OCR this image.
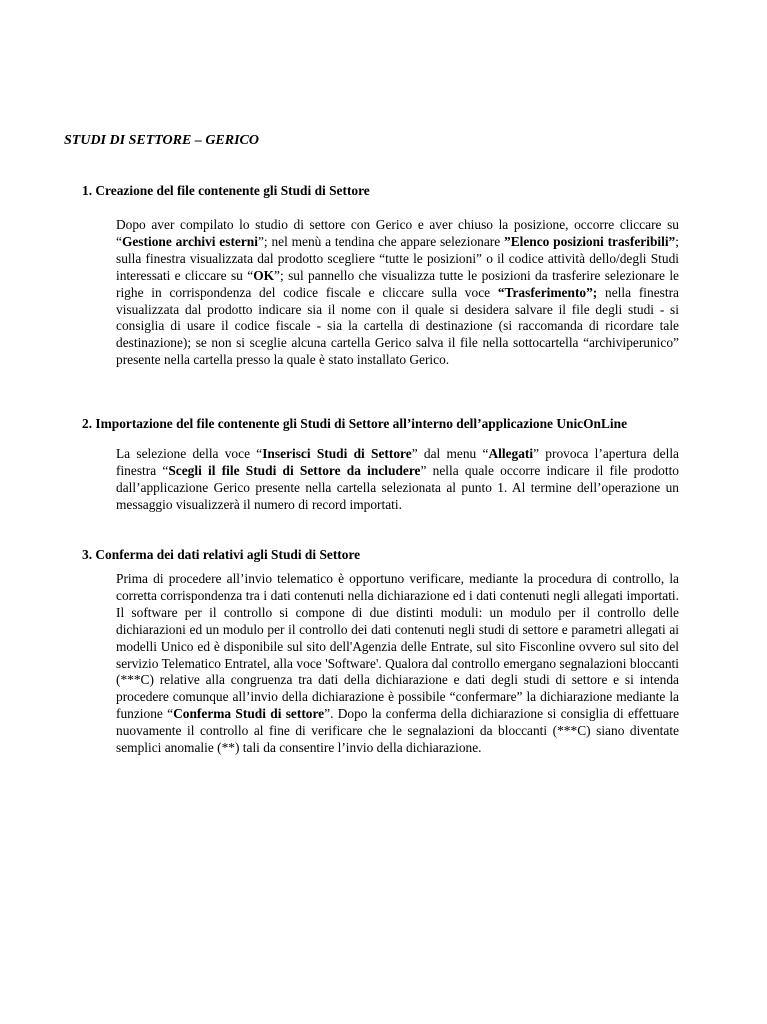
STUDI DI SETTORE – GERICO
1. Creazione del file contenente gli Studi di Settore

Dopo aver compilato lo studio di settore con Gerico e aver chiuso la posizione, occorre cliccare su “Gestione archivi esterni”; nel menù a tendina che appare selezionare ”Elenco posizioni trasferibili”; sulla finestra visualizzata dal prodotto scegliere “tutte le posizioni” o il codice attività dello/degli Studi interessati e cliccare su “OK”; sul pannello che visualizza tutte le posizioni da trasferire selezionare le righe in corrispondenza del codice fiscale e cliccare sulla voce “Trasferimento”; nella finestra visualizzata dal prodotto indicare sia il nome con il quale si desidera salvare il file degli studi - si consiglia di usare il codice fiscale - sia la cartella di destinazione (si raccomanda di ricordare tale destinazione); se non si sceglie alcuna cartella Gerico salva il file nella sottocartella “archiviperunico” presente nella cartella presso la quale è stato installato Gerico.

2. Importazione del file contenente gli Studi di Settore all’interno dell’applicazione UnicOnLine

La selezione della voce “Inserisci Studi di Settore” dal menu “Allegati” provoca l’apertura della finestra “Scegli il file Studi di Settore da includere” nella quale occorre indicare il file prodotto dall’applicazione Gerico presente nella cartella selezionata al punto 1. Al termine dell’operazione un messaggio visualizzerà il numero di record importati.

3. Conferma dei dati relativi agli Studi di Settore

Prima di procedere all’invio telematico è opportuno verificare, mediante la procedura di controllo, la corretta corrispondenza tra i dati contenuti nella dichiarazione ed i dati contenuti negli allegati importati. Il software per il controllo si compone di due distinti moduli: un modulo per il controllo delle dichiarazioni ed un modulo per il controllo dei dati contenuti negli studi di settore e parametri allegati ai modelli Unico ed è disponibile sul sito dell'Agenzia delle Entrate, sul sito Fisconline ovvero sul sito del servizio Telematico Entratel, alla voce 'Software'. Qualora dal controllo emergano segnalazioni bloccanti (***C) relative alla congruenza tra dati della dichiarazione e dati degli studi di settore e si intenda procedere comunque all’invio della dichiarazione è possibile “confermare” la dichiarazione mediante la funzione “Conferma Studi di settore”. Dopo la conferma della dichiarazione si consiglia di effettuare nuovamente il controllo al fine di verificare che le segnalazioni da bloccanti (***C) siano diventate semplici anomalie (**) tali da consentire l’invio della dichiarazione.
